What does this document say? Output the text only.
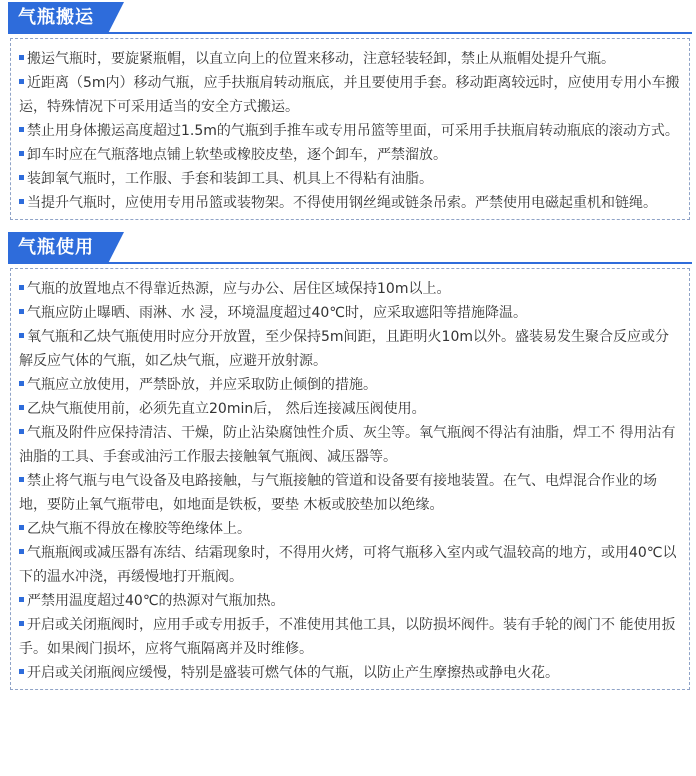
气瓶搬运

搬运气瓶时，要旋紧瓶帽，以直立向上的位置来移动，注意轻装轻卸，禁止从瓶帽处提升气瓶。

近距离（5m内）移动气瓶，应手扶瓶肩转动瓶底，并且要使用手套。移动距离较远时，应使用专用小车搬运，特殊情况下可采用适当的安全方式搬运。

禁止用身体搬运高度超过1.5m的气瓶到手推车或专用吊篮等里面，可采用手扶瓶肩转动瓶底的滚动方式。

卸车时应在气瓶落地点铺上软垫或橡胶皮垫，逐个卸车，严禁溜放。

装卸氧气瓶时，工作服、手套和装卸工具、机具上不得粘有油脂。

当提升气瓶时，应使用专用吊篮或装物架。不得使用钢丝绳或链条吊索。严禁使用电磁起重机和链绳。

气瓶使用

气瓶的放置地点不得靠近热源，应与办公、居住区域保持10m以上。

气瓶应防止曝晒、雨淋、水 浸，环境温度超过40℃时，应采取遮阳等措施降温。

氧气瓶和乙炔气瓶使用时应分开放置，至少保持5m间距，且距明火10m以外。盛装易发生聚合反应或分解反应气体的气瓶，如乙炔气瓶，应避开放射源。

气瓶应立放使用，严禁卧放，并应采取防止倾倒的措施。

乙炔气瓶使用前，必须先直立20min后， 然后连接减压阀使用。

气瓶及附件应保持清洁、干燥，防止沾染腐蚀性介质、灰尘等。氧气瓶阀不得沾有油脂，焊工不 得用沾有油脂的工具、手套或油污工作服去接触氧气瓶阀、减压器等。

禁止将气瓶与电气设备及电路接触，与气瓶接触的管道和设备要有接地装置。在气、电焊混合作业的场地，要防止氧气瓶带电，如地面是铁板，要垫 木板或胶垫加以绝缘。

乙炔气瓶不得放在橡胶等绝缘体上。

气瓶瓶阀或减压器有冻结、结霜现象时，不得用火烤，可将气瓶移入室内或气温较高的地方，或用40℃以下的温水冲浇，再缓慢地打开瓶阀。

严禁用温度超过40℃的热源对气瓶加热。

开启或关闭瓶阀时，应用手或专用扳手，不准使用其他工具，以防损坏阀件。装有手轮的阀门不 能使用扳手。如果阀门损坏，应将气瓶隔离并及时维修。

开启或关闭瓶阀应缓慢，特别是盛装可燃气体的气瓶，以防止产生摩擦热或静电火花。
